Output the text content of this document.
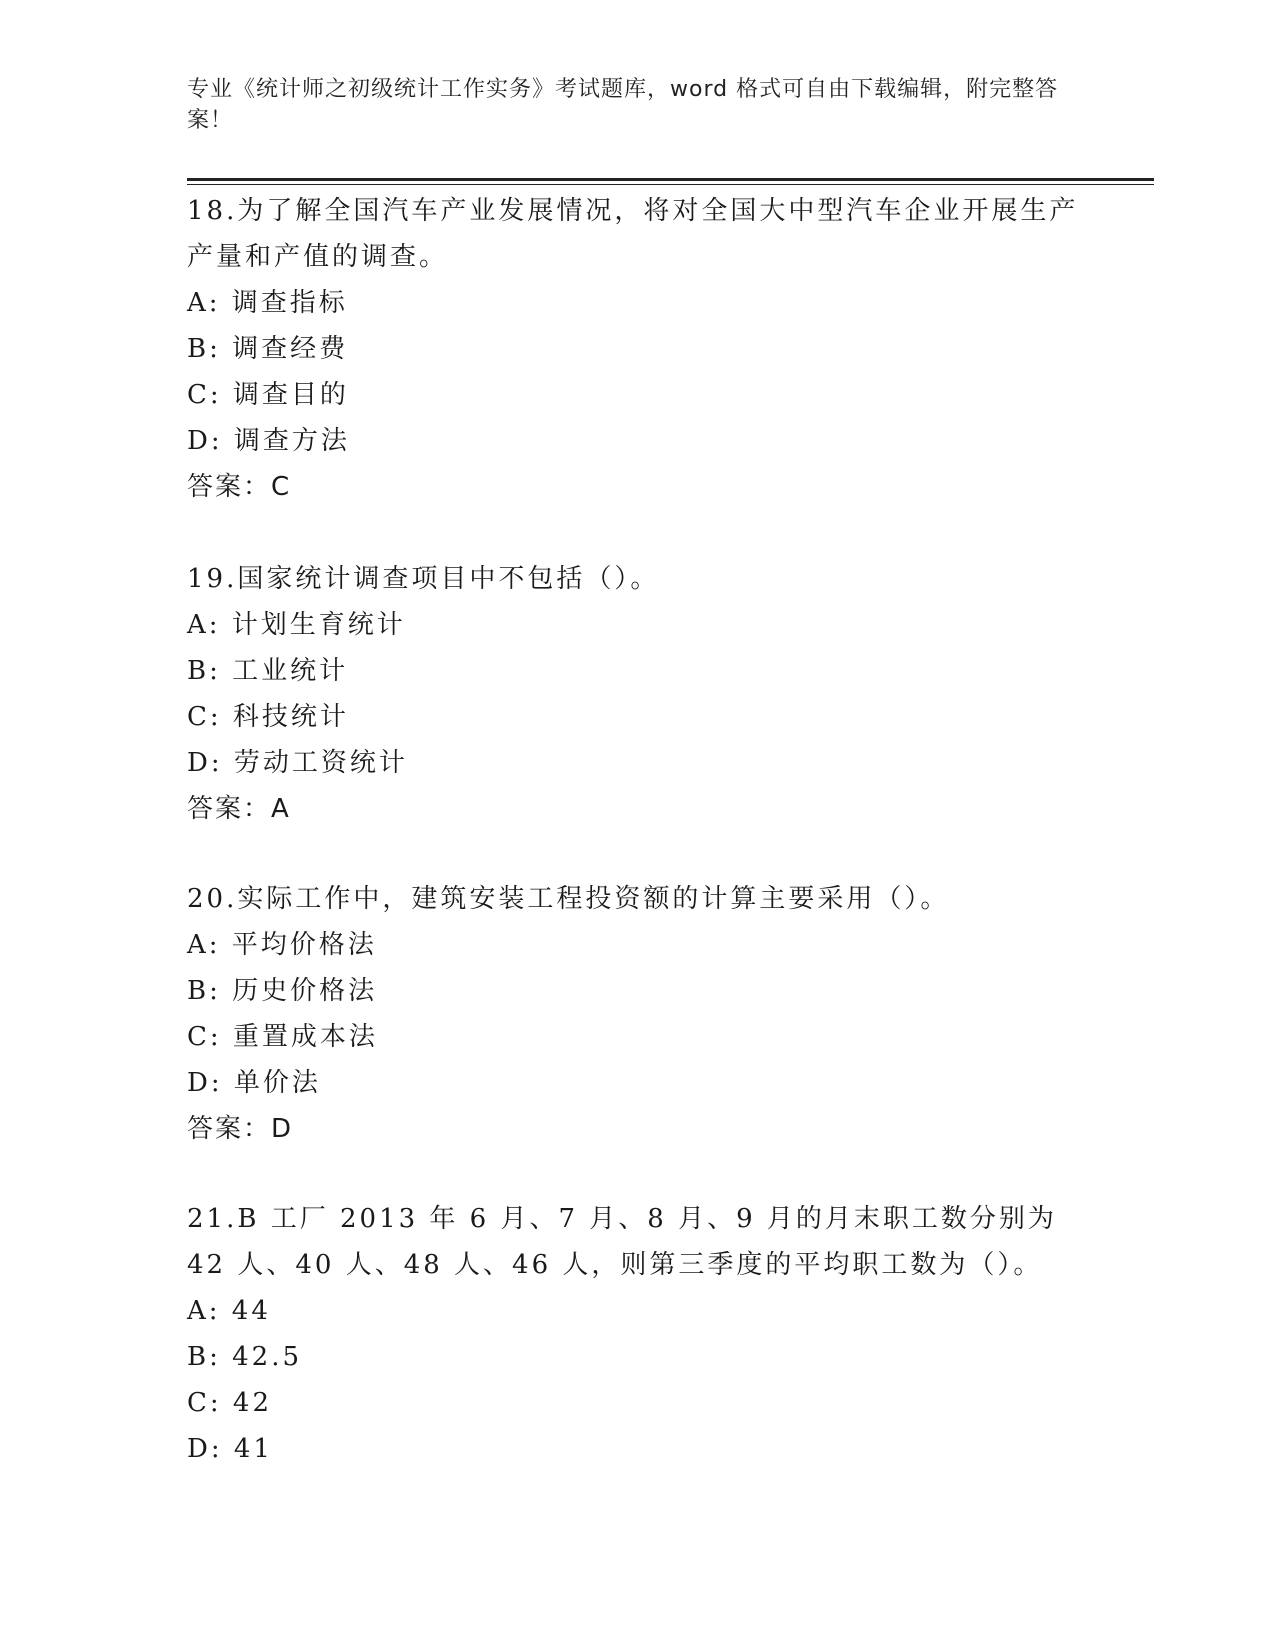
专业《统计师之初级统计工作实务》考试题库，word 格式可自由下载编辑，附完整答案！

18.为了解全国汽车产业发展情况，将对全国大中型汽车企业开展生产产量和产值的调查。

A: 调查指标

B: 调查经费

C: 调查目的

D: 调查方法

答案：C

19.国家统计调查项目中不包括（）。

A: 计划生育统计

B: 工业统计

C: 科技统计

D: 劳动工资统计

答案：A

20.实际工作中，建筑安装工程投资额的计算主要采用（）。

A: 平均价格法

B: 历史价格法

C: 重置成本法

D: 单价法

答案：D

21.B 工厂 2013 年 6 月、7 月、8 月、9 月的月末职工数分别为 42 人、40 人、48 人、46 人，则第三季度的平均职工数为（）。

A: 44

B: 42.5

C: 42

D: 41
